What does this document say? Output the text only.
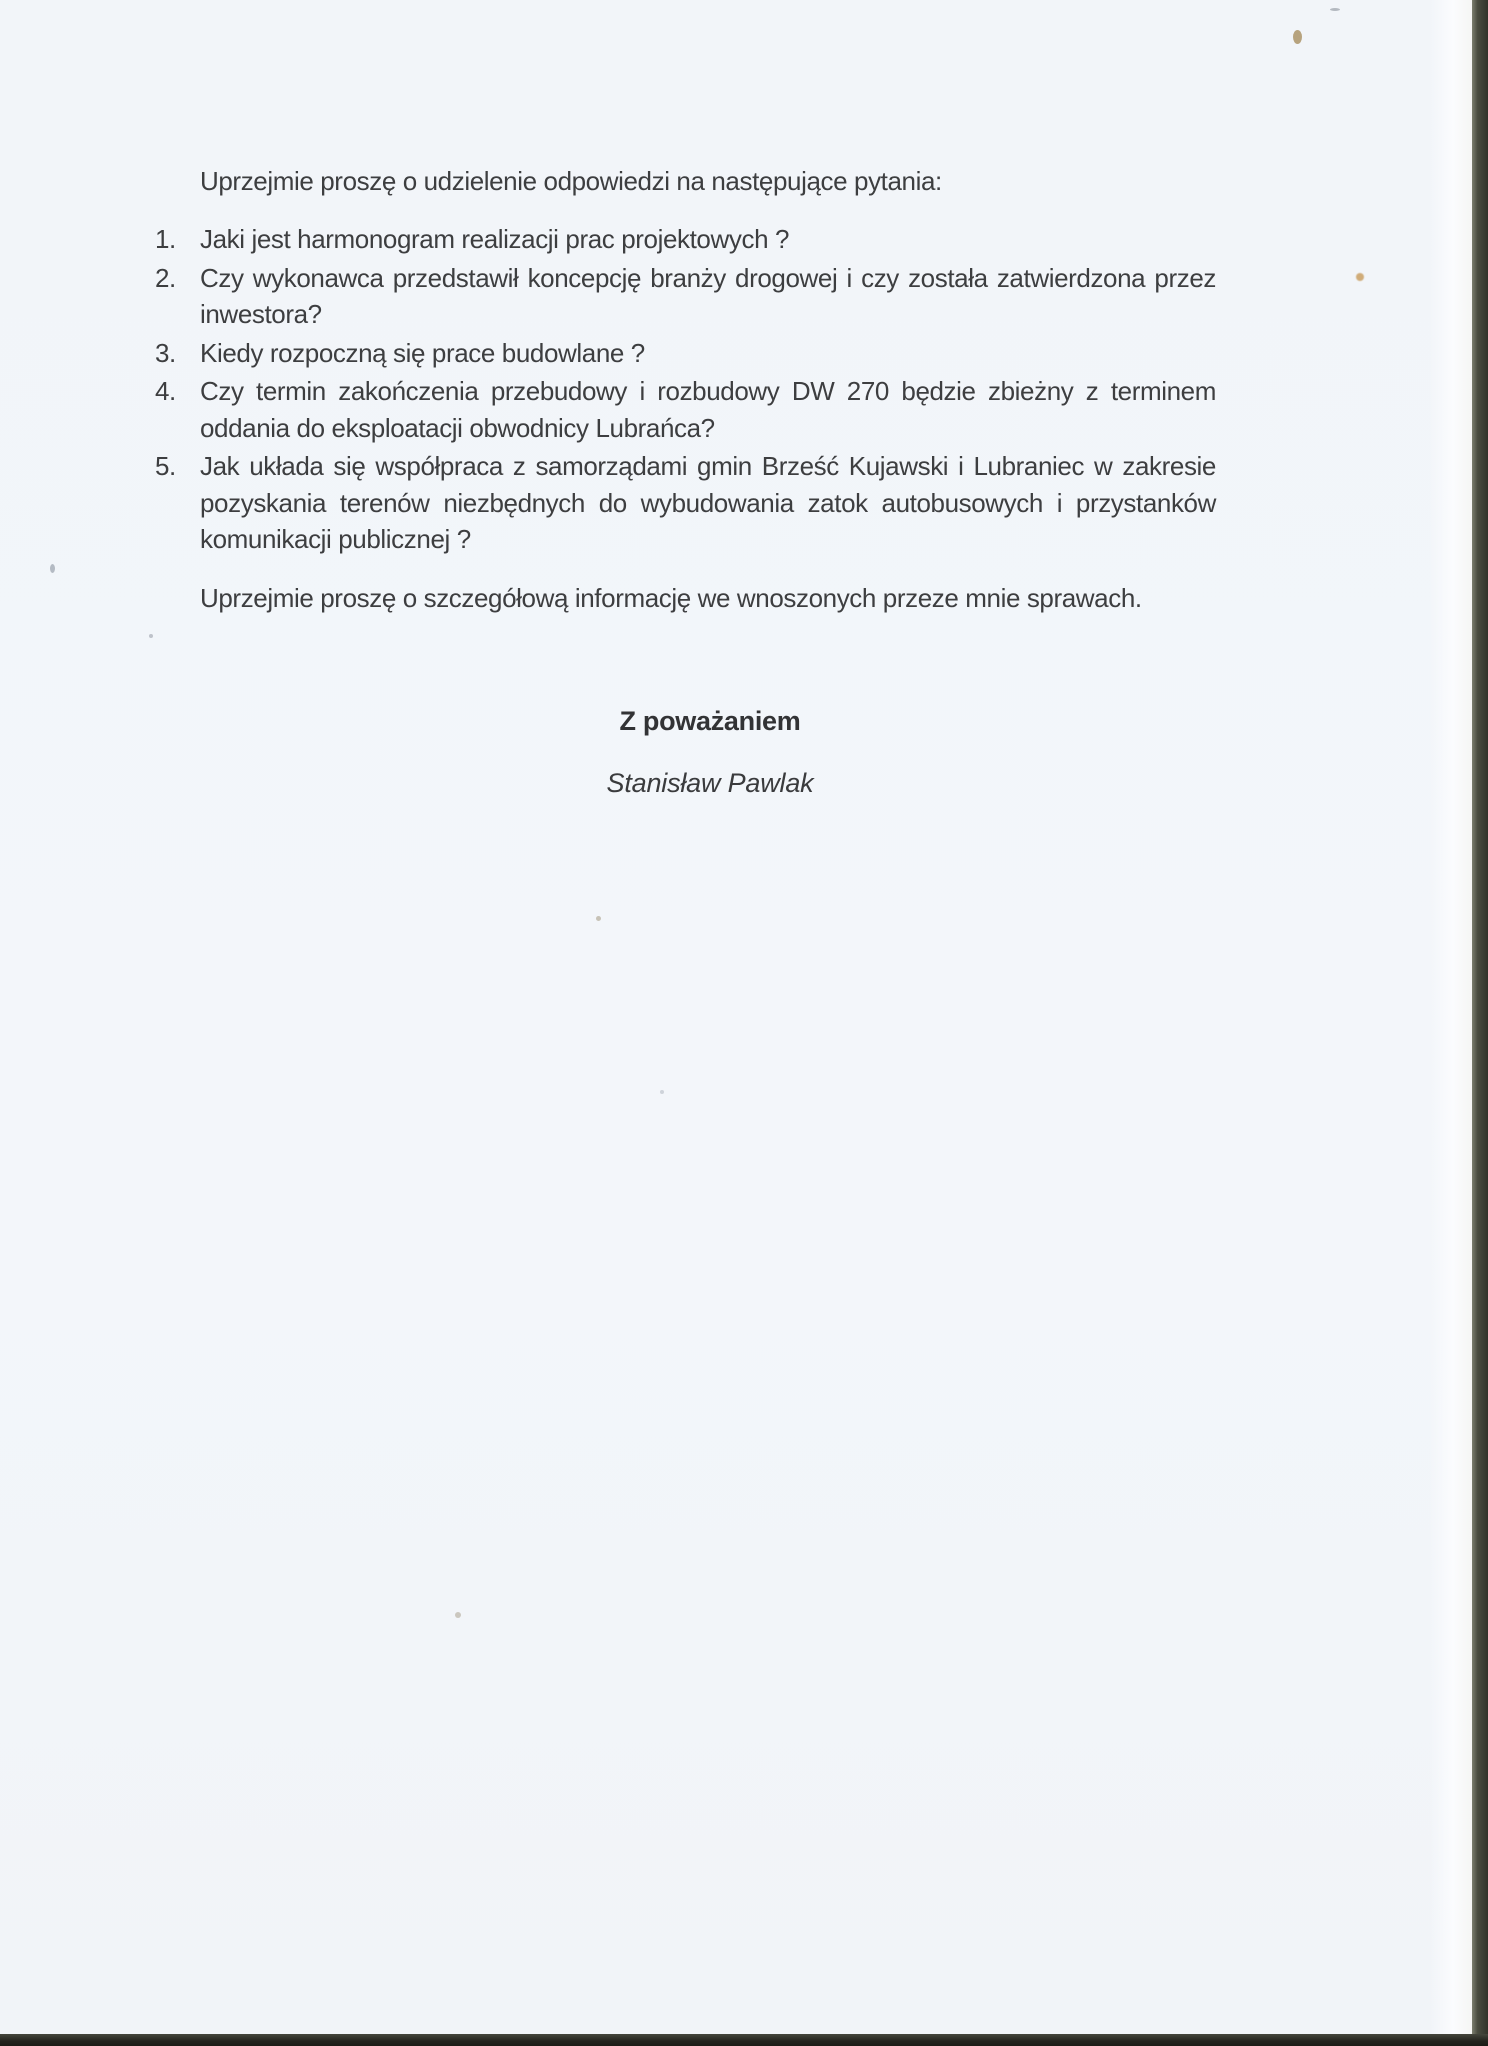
Uprzejmie proszę o udzielenie odpowiedzi na następujące pytania:

1. Jaki jest harmonogram realizacji prac projektowych ?
2. Czy wykonawca przedstawił koncepcję branży drogowej i czy została zatwierdzona przez inwestora?
3. Kiedy rozpoczną się prace budowlane ?
4. Czy termin zakończenia przebudowy i rozbudowy DW 270 będzie zbieżny z terminem oddania do eksploatacji obwodnicy Lubrańca?
5. Jak układa się współpraca z samorządami gmin Brześć Kujawski i Lubraniec w zakresie pozyskania terenów niezbędnych do wybudowania zatok autobusowych i przystanków komunikacji publicznej ?

Uprzejmie proszę o szczegółową informację we wnoszonych przeze mnie sprawach.

Z poważaniem

Stanisław Pawlak
